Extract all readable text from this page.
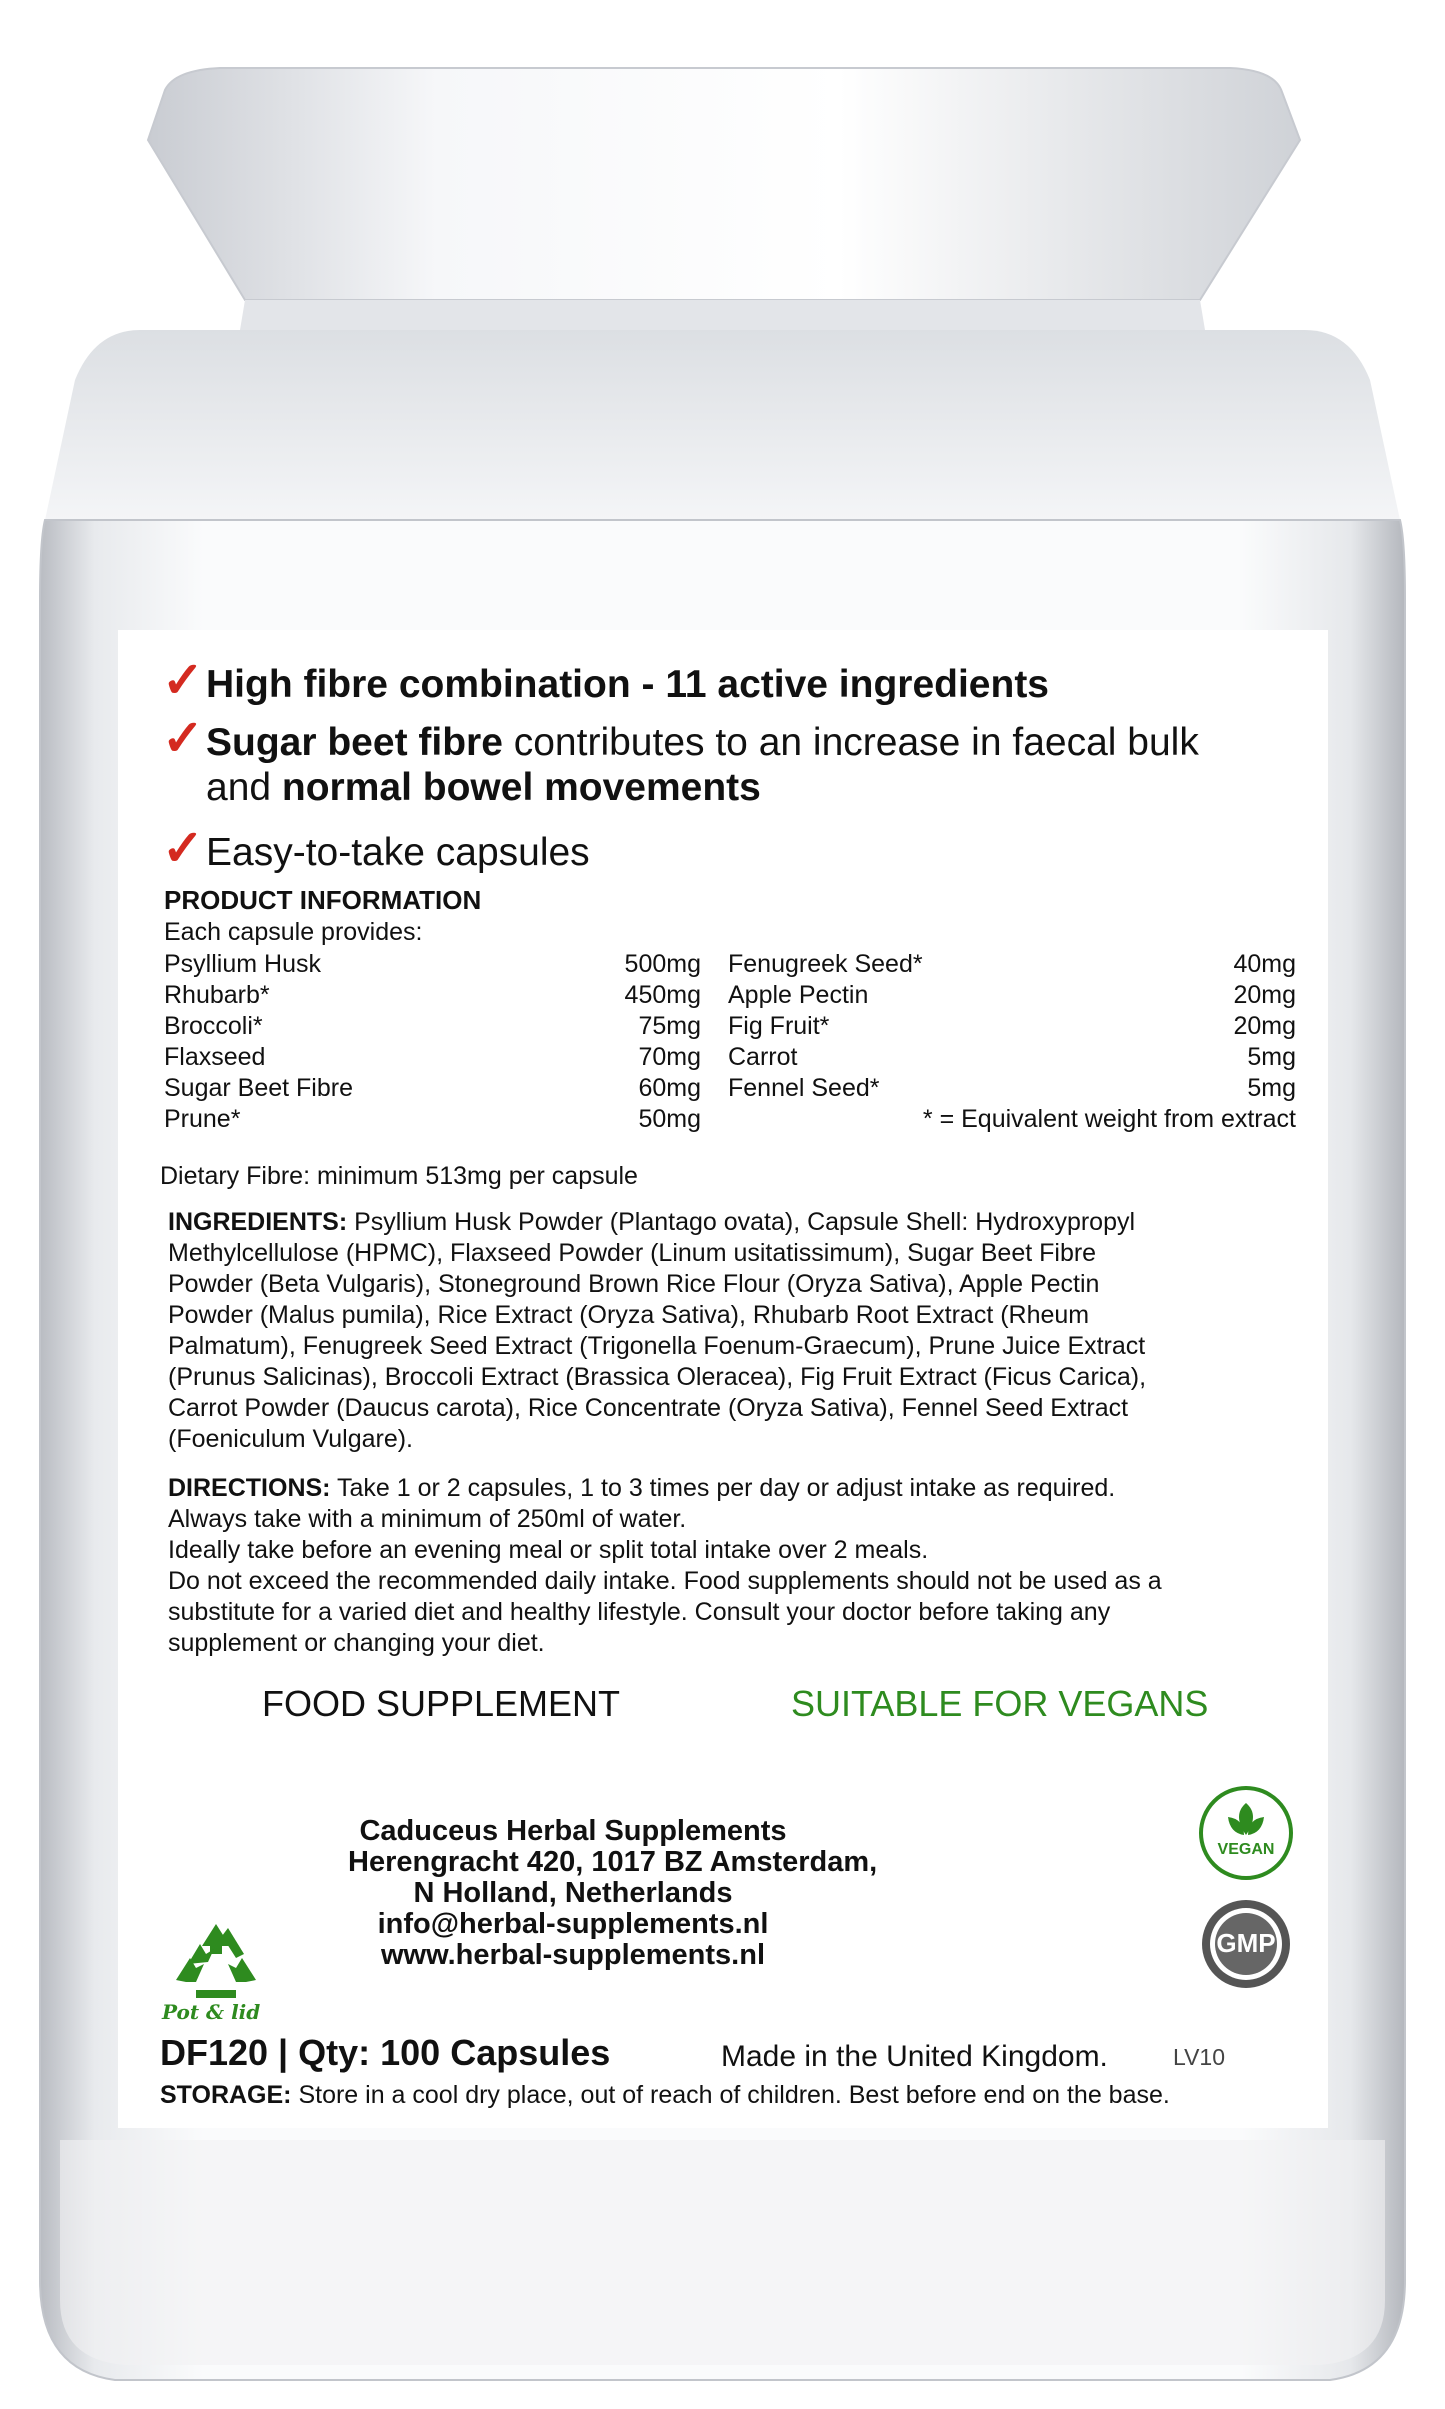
✓High fibre combination - 11 active ingredients
✓Sugar beet fibre contributes to an increase in faecal bulk
and normal bowel movements
✓Easy-to-take capsules
PRODUCT INFORMATION
Each capsule provides:
Psyllium Husk	500mg
Rhubarb*	450mg
Broccoli*	75mg
Flaxseed	70mg
Sugar Beet Fibre	60mg
Prune*	50mg
Fenugreek Seed*	40mg
Apple Pectin	20mg
Fig Fruit*	20mg
Carrot	5mg
Fennel Seed*	5mg
* = Equivalent weight from extract
Dietary Fibre: minimum 513mg per capsule
INGREDIENTS: Psyllium Husk Powder (Plantago ovata), Capsule Shell: Hydroxypropyl
Methylcellulose (HPMC), Flaxseed Powder (Linum usitatissimum), Sugar Beet Fibre
Powder (Beta Vulgaris), Stoneground Brown Rice Flour (Oryza Sativa), Apple Pectin
Powder (Malus pumila), Rice Extract (Oryza Sativa), Rhubarb Root Extract (Rheum
Palmatum), Fenugreek Seed Extract (Trigonella Foenum-Graecum), Prune Juice Extract
(Prunus Salicinas), Broccoli Extract (Brassica Oleracea), Fig Fruit Extract (Ficus Carica),
Carrot Powder (Daucus carota), Rice Concentrate (Oryza Sativa), Fennel Seed Extract
(Foeniculum Vulgare).
DIRECTIONS: Take 1 or 2 capsules, 1 to 3 times per day or adjust intake as required.
Always take with a minimum of 250ml of water.
Ideally take before an evening meal or split total intake over 2 meals.
Do not exceed the recommended daily intake. Food supplements should not be used as a
substitute for a varied diet and healthy lifestyle. Consult your doctor before taking any
supplement or changing your diet.
FOOD SUPPLEMENT	SUITABLE FOR VEGANS
Caduceus Herbal Supplements
Herengracht 420, 1017 BZ Amsterdam,
N Holland, Netherlands
info@herbal-supplements.nl
www.herbal-supplements.nl
Pot & lid
VEGAN
GMP
DF120 | Qty: 100 Capsules	Made in the United Kingdom.	LV10
STORAGE: Store in a cool dry place, out of reach of children. Best before end on the base.
